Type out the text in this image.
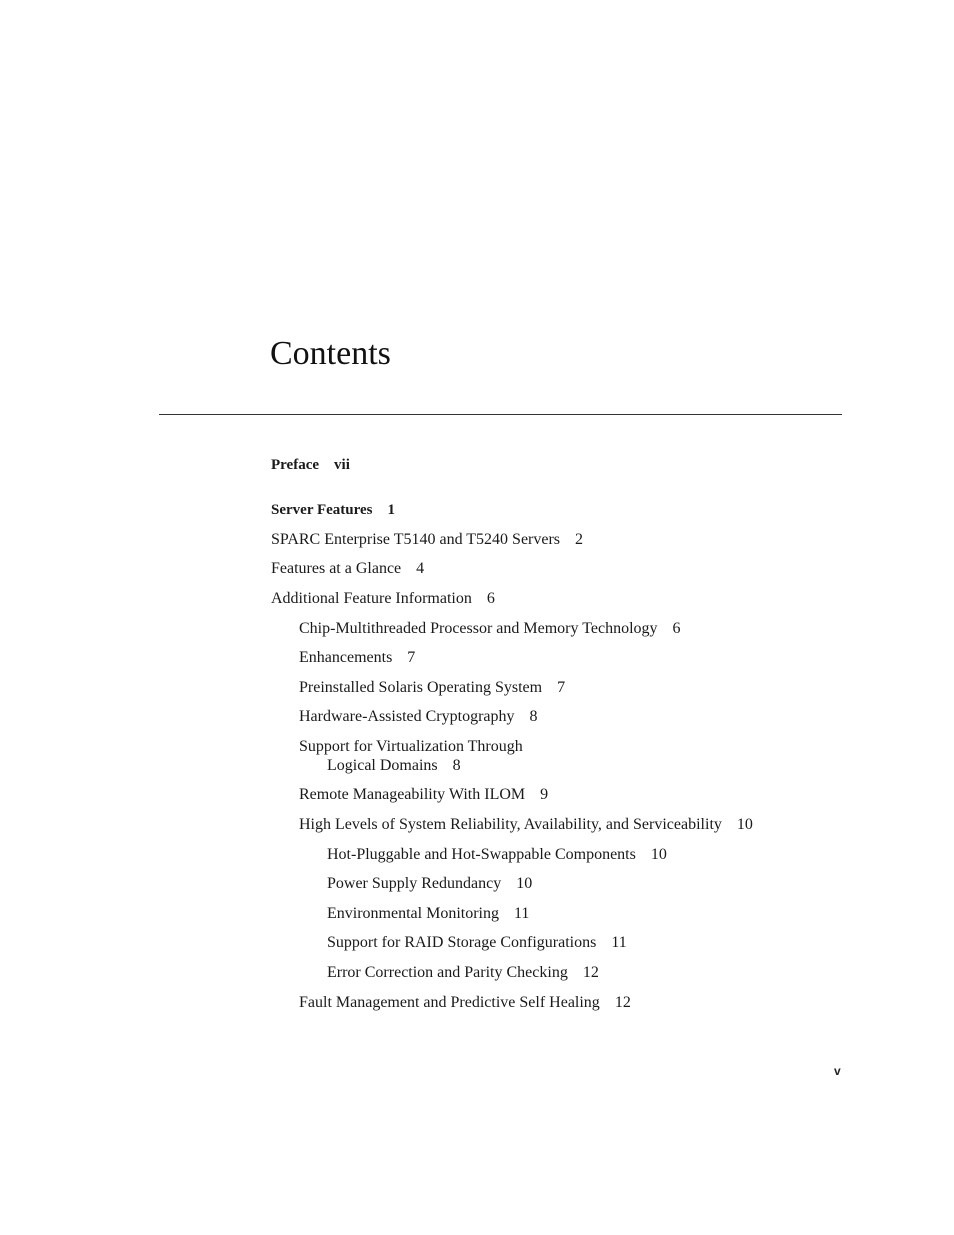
Contents
Preface vii
Server Features 1
SPARC Enterprise T5140 and T5240 Servers 2
Features at a Glance 4
Additional Feature Information 6
Chip-Multithreaded Processor and Memory Technology 6
Enhancements 7
Preinstalled Solaris Operating System 7
Hardware-Assisted Cryptography 8
Support for Virtualization Through
Logical Domains 8
Remote Manageability With ILOM 9
High Levels of System Reliability, Availability, and Serviceability 10
Hot-Pluggable and Hot-Swappable Components 10
Power Supply Redundancy 10
Environmental Monitoring 11
Support for RAID Storage Configurations 11
Error Correction and Parity Checking 12
Fault Management and Predictive Self Healing 12
v
